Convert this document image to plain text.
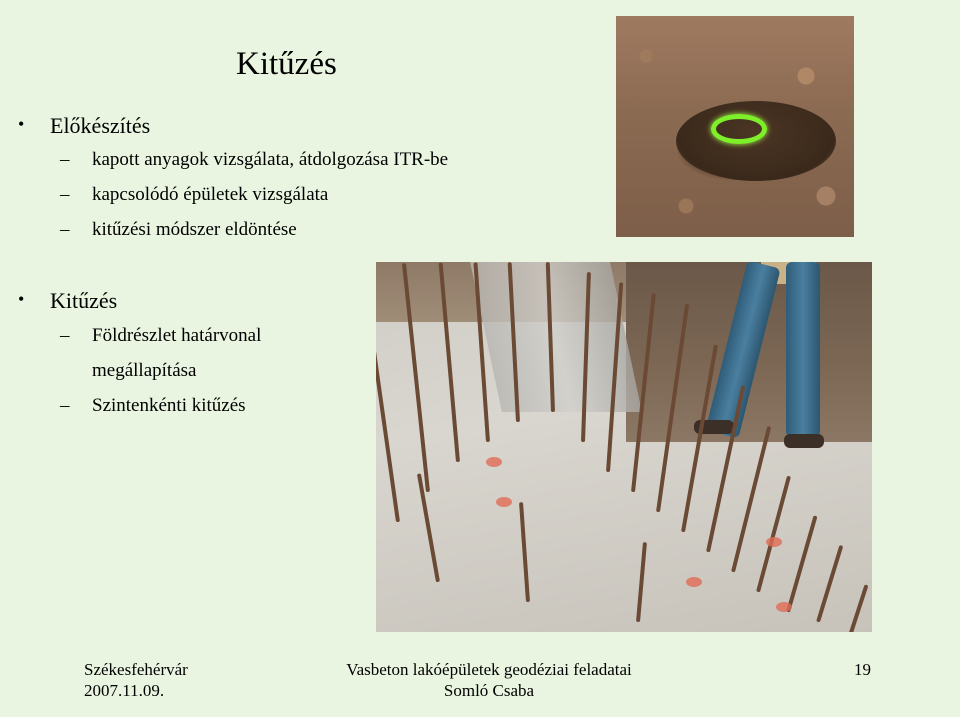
Kitűzés
• Előkészítés
– kapott anyagok vizsgálata, átdolgozása ITR-be
– kapcsolódó épületek vizsgálata
– kitűzési módszer eldöntése
• Kitűzés
– Földrészlet határvonal
megállapítása
– Szintenkénti kitűzés
Székesfehérvár
2007.11.09.
Vasbeton lakóépületek geodéziai feladatai
Somló Csaba
19
